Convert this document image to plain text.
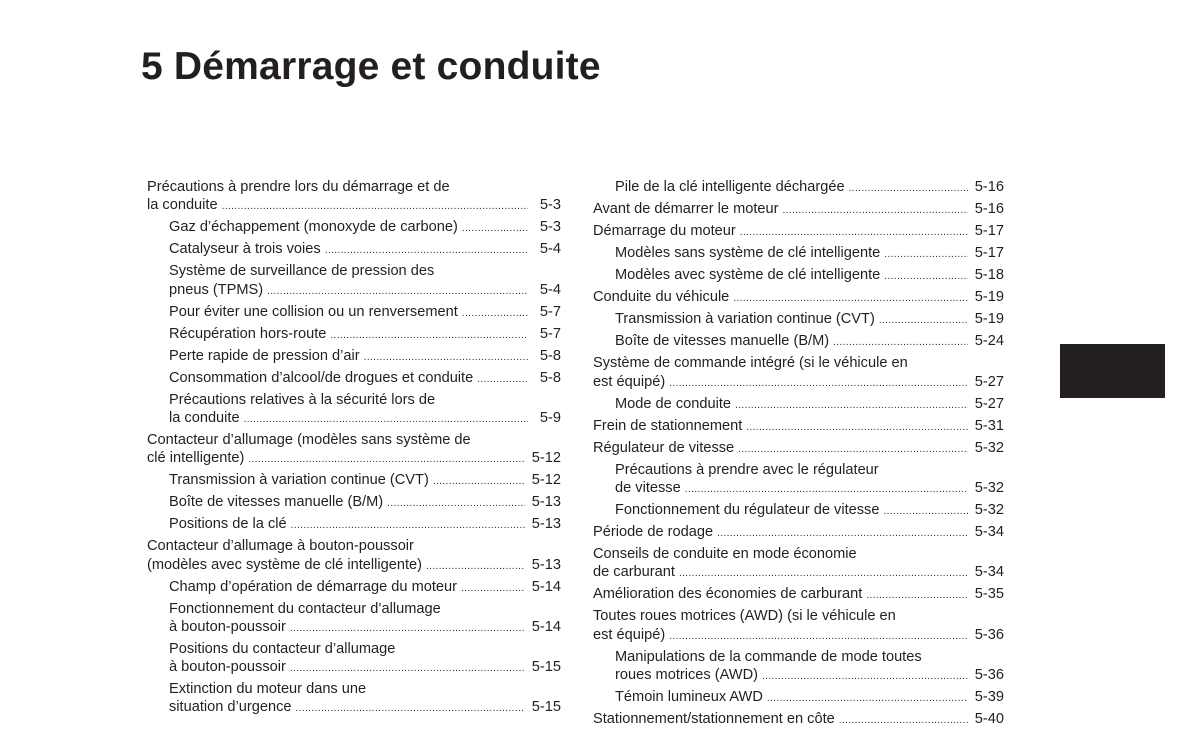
5 Démarrage et conduite
Précautions à prendre lors du démarrage et de
la conduite .....	5-3
Gaz d’échappement (monoxyde de carbone) .....	5-3
Catalyseur à trois voies .....	5-4
Système de surveillance de pression des
pneus (TPMS) .....	5-4
Pour éviter une collision ou un renversement .....	5-7
Récupération hors-route .....	5-7
Perte rapide de pression d’air .....	5-8
Consommation d’alcool/de drogues et conduite .....	5-8
Précautions relatives à la sécurité lors de
la conduite .....	5-9
Contacteur d’allumage (modèles sans système de
clé intelligente) .....	5-12
Transmission à variation continue (CVT) .....	5-12
Boîte de vitesses manuelle (B/M) .....	5-13
Positions de la clé .....	5-13
Contacteur d’allumage à bouton-poussoir
(modèles avec système de clé intelligente) .....	5-13
Champ d’opération de démarrage du moteur .....	5-14
Fonctionnement du contacteur d’allumage
à bouton-poussoir .....	5-14
Positions du contacteur d’allumage
à bouton-poussoir .....	5-15
Extinction du moteur dans une
situation d’urgence .....	5-15
Pile de la clé intelligente déchargée .....	5-16
Avant de démarrer le moteur .....	5-16
Démarrage du moteur .....	5-17
Modèles sans système de clé intelligente .....	5-17
Modèles avec système de clé intelligente .....	5-18
Conduite du véhicule .....	5-19
Transmission à variation continue (CVT) .....	5-19
Boîte de vitesses manuelle (B/M) .....	5-24
Système de commande intégré (si le véhicule en
est équipé) .....	5-27
Mode de conduite .....	5-27
Frein de stationnement .....	5-31
Régulateur de vitesse .....	5-32
Précautions à prendre avec le régulateur
de vitesse .....	5-32
Fonctionnement du régulateur de vitesse .....	5-32
Période de rodage .....	5-34
Conseils de conduite en mode économie
de carburant .....	5-34
Amélioration des économies de carburant .....	5-35
Toutes roues motrices (AWD) (si le véhicule en
est équipé) .....	5-36
Manipulations de la commande de mode toutes
roues motrices (AWD) .....	5-36
Témoin lumineux AWD .....	5-39
Stationnement/stationnement en côte .....	5-40
